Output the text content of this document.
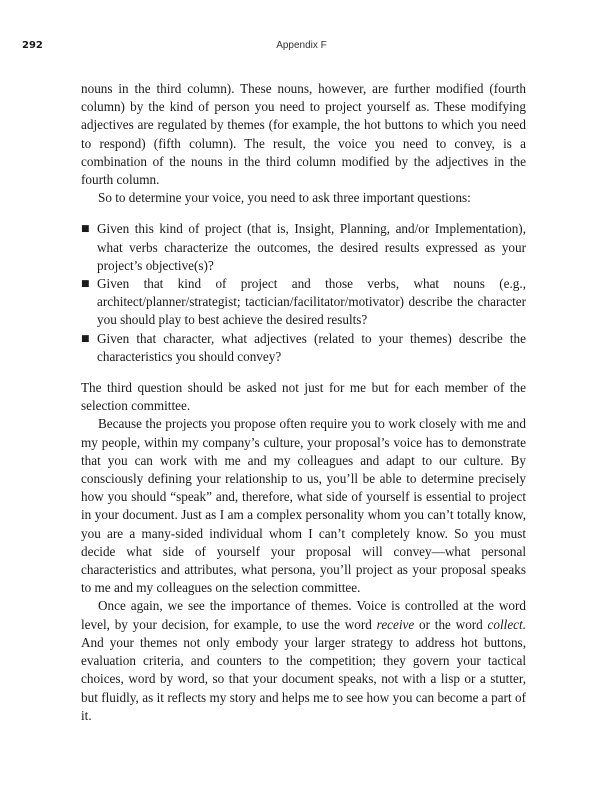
292	Appendix F

nouns in the third column). These nouns, however, are further modified (fourth column) by the kind of person you need to project yourself as. These modifying adjectives are regulated by themes (for example, the hot buttons to which you need to respond) (fifth column). The result, the voice you need to convey, is a combination of the nouns in the third column modified by the adjectives in the fourth column.

So to determine your voice, you need to ask three important questions:

■ Given this kind of project (that is, Insight, Planning, and/or Implementation), what verbs characterize the outcomes, the desired results expressed as your project’s objective(s)?
■ Given that kind of project and those verbs, what nouns (e.g., architect/planner/strategist; tactician/facilitator/motivator) describe the character you should play to best achieve the desired results?
■ Given that character, what adjectives (related to your themes) describe the characteristics you should convey?

The third question should be asked not just for me but for each member of the selection committee.

Because the projects you propose often require you to work closely with me and my people, within my company’s culture, your proposal’s voice has to demonstrate that you can work with me and my colleagues and adapt to our culture. By consciously defining your relationship to us, you’ll be able to determine precisely how you should “speak” and, therefore, what side of yourself is essential to project in your document. Just as I am a complex personality whom you can’t totally know, you are a many-sided individual whom I can’t completely know. So you must decide what side of yourself your proposal will convey—what personal characteristics and attributes, what persona, you’ll project as your proposal speaks to me and my colleagues on the selection committee.

Once again, we see the importance of themes. Voice is controlled at the word level, by your decision, for example, to use the word receive or the word collect. And your themes not only embody your larger strategy to address hot buttons, evaluation criteria, and counters to the competition; they govern your tactical choices, word by word, so that your document speaks, not with a lisp or a stutter, but fluidly, as it reflects my story and helps me to see how you can become a part of it.
